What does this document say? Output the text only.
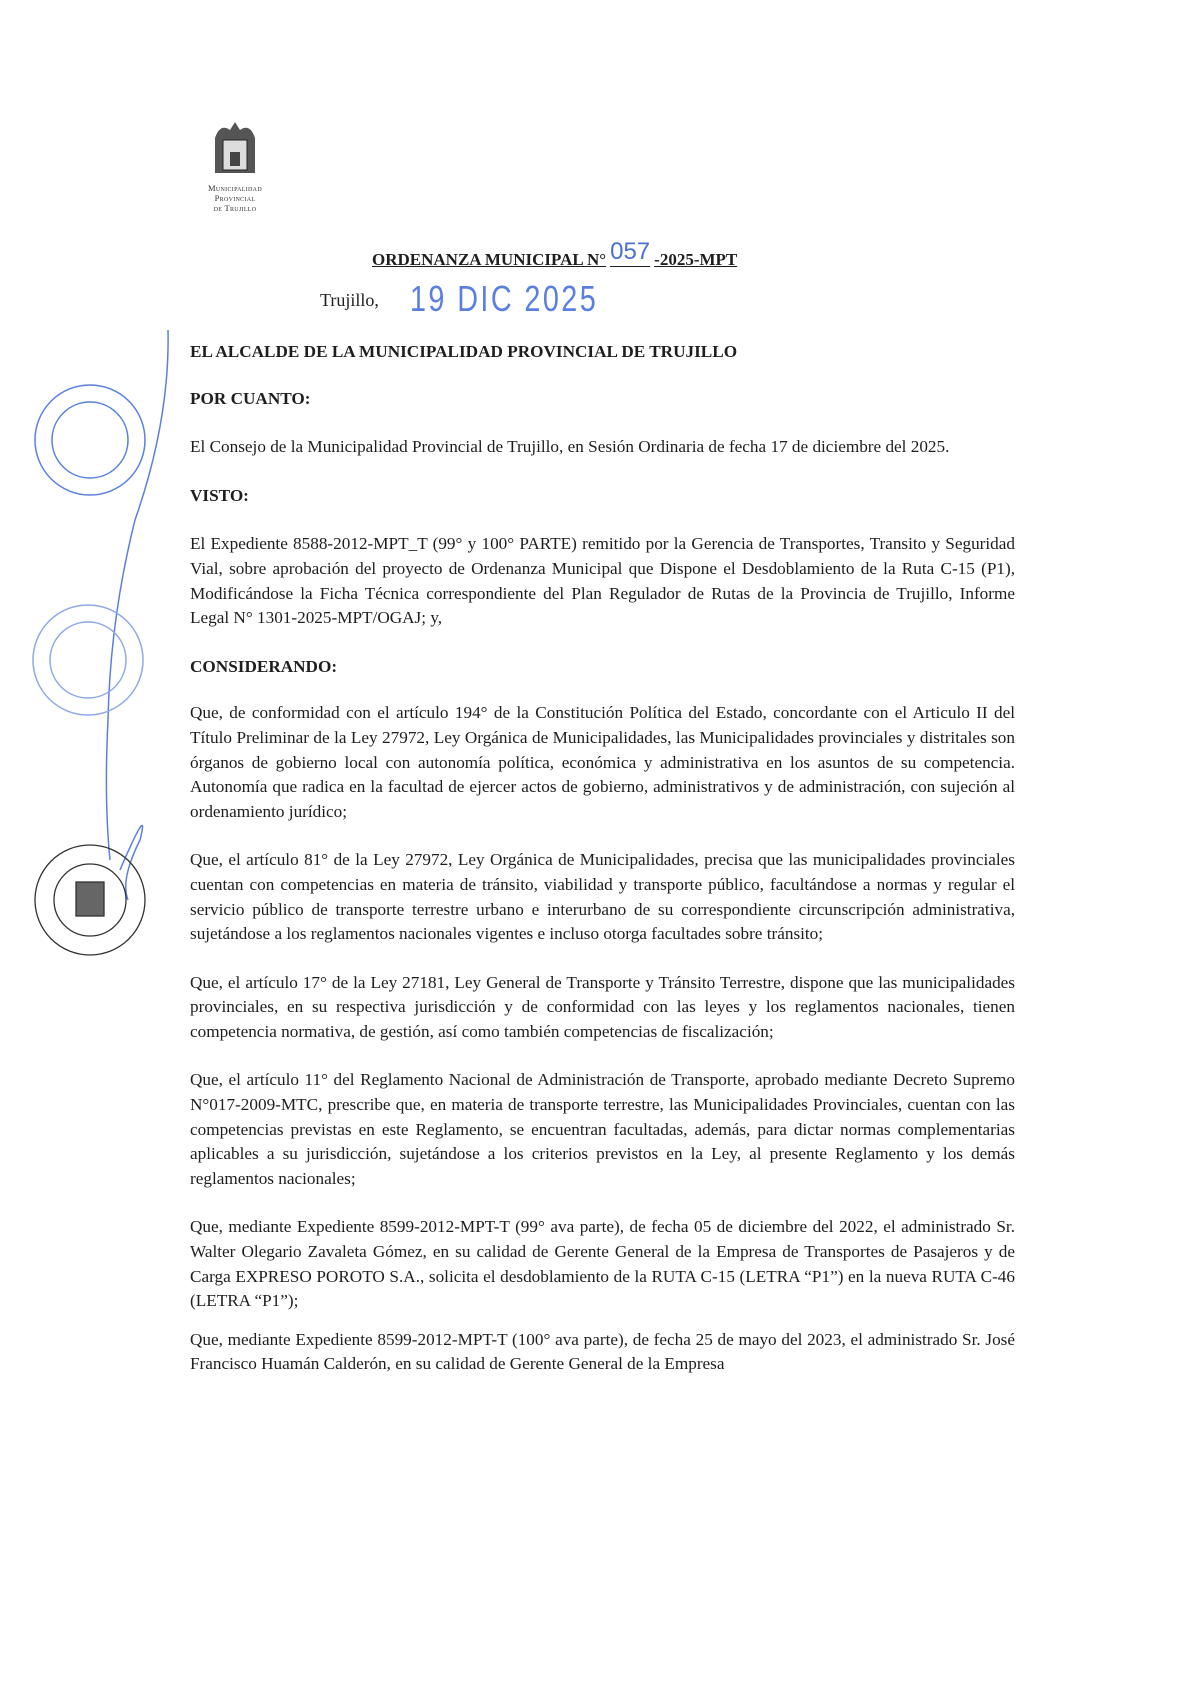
Municipalidad
Provincial
de Trujillo
ORDENANZA MUNICIPAL N° 057 -2025-MPT
Trujillo, 19 DIC 2025

EL ALCALDE DE LA MUNICIPALIDAD PROVINCIAL DE TRUJILLO

POR CUANTO:

El Consejo de la Municipalidad Provincial de Trujillo, en Sesión Ordinaria de fecha 17 de diciembre del 2025.

VISTO:

El Expediente 8588-2012-MPT_T (99° y 100° PARTE) remitido por la Gerencia de Transportes, Transito y Seguridad Vial, sobre aprobación del proyecto de Ordenanza Municipal que Dispone el Desdoblamiento de la Ruta C-15 (P1), Modificándose la Ficha Técnica correspondiente del Plan Regulador de Rutas de la Provincia de Trujillo, Informe Legal N° 1301-2025-MPT/OGAJ; y,

CONSIDERANDO:

Que, de conformidad con el artículo 194° de la Constitución Política del Estado, concordante con el Articulo II del Título Preliminar de la Ley 27972, Ley Orgánica de Municipalidades, las Municipalidades provinciales y distritales son órganos de gobierno local con autonomía política, económica y administrativa en los asuntos de su competencia. Autonomía que radica en la facultad de ejercer actos de gobierno, administrativos y de administración, con sujeción al ordenamiento jurídico;

Que, el artículo 81° de la Ley 27972, Ley Orgánica de Municipalidades, precisa que las municipalidades provinciales cuentan con competencias en materia de tránsito, viabilidad y transporte público, facultándose a normas y regular el servicio público de transporte terrestre urbano e interurbano de su correspondiente circunscripción administrativa, sujetándose a los reglamentos nacionales vigentes e incluso otorga facultades sobre tránsito;

Que, el artículo 17° de la Ley 27181, Ley General de Transporte y Tránsito Terrestre, dispone que las municipalidades provinciales, en su respectiva jurisdicción y de conformidad con las leyes y los reglamentos nacionales, tienen competencia normativa, de gestión, así como también competencias de fiscalización;

Que, el artículo 11° del Reglamento Nacional de Administración de Transporte, aprobado mediante Decreto Supremo N°017-2009-MTC, prescribe que, en materia de transporte terrestre, las Municipalidades Provinciales, cuentan con las competencias previstas en este Reglamento, se encuentran facultadas, además, para dictar normas complementarias aplicables a su jurisdicción, sujetándose a los criterios previstos en la Ley, al presente Reglamento y los demás reglamentos nacionales;

Que, mediante Expediente 8599-2012-MPT-T (99° ava parte), de fecha 05 de diciembre del 2022, el administrado Sr. Walter Olegario Zavaleta Gómez, en su calidad de Gerente General de la Empresa de Transportes de Pasajeros y de Carga EXPRESO POROTO S.A., solicita el desdoblamiento de la RUTA C-15 (LETRA “P1”) en la nueva RUTA C-46 (LETRA “P1”);

Que, mediante Expediente 8599-2012-MPT-T (100° ava parte), de fecha 25 de mayo del 2023, el administrado Sr. José Francisco Huamán Calderón, en su calidad de Gerente General de la Empresa
